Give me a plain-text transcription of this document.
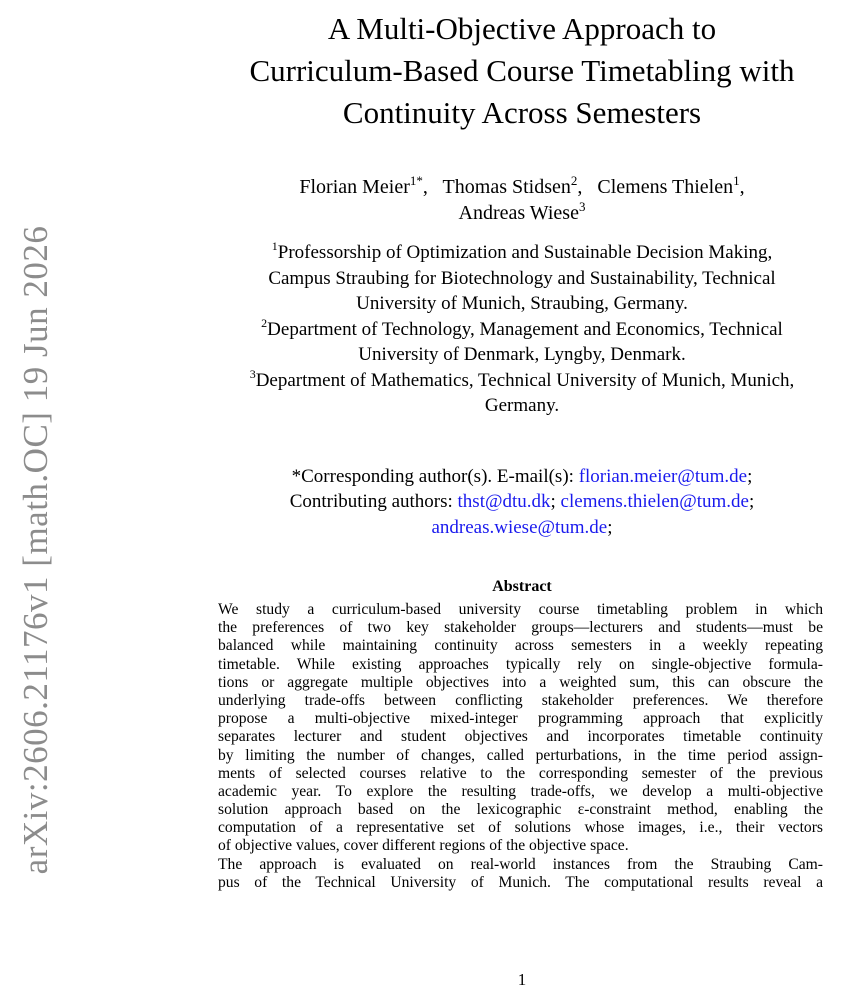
arXiv:2606.21176v1 [math.OC] 19 Jun 2026
A Multi-Objective Approach to
Curriculum-Based Course Timetabling with
Continuity Across Semesters
Florian Meier$^{1*}$,   Thomas Stidsen$^2$,   Clemens Thielen$^1$,
Andreas Wiese$^3$
$^1$Professorship of Optimization and Sustainable Decision Making,
Campus Straubing for Biotechnology and Sustainability, Technical
University of Munich, Straubing, Germany.
$^2$Department of Technology, Management and Economics, Technical
University of Denmark, Lyngby, Denmark.
$^3$Department of Mathematics, Technical University of Munich, Munich,
Germany.
*Corresponding author(s). E-mail(s): florian.meier@tum.de;
Contributing authors: thst@dtu.dk; clemens.thielen@tum.de;
andreas.wiese@tum.de;
Abstract
We study a curriculum-based university course timetabling problem in which
the preferences of two key stakeholder groups—lecturers and students—must be
balanced while maintaining continuity across semesters in a weekly repeating
timetable. While existing approaches typically rely on single-objective formula-
tions or aggregate multiple objectives into a weighted sum, this can obscure the
underlying trade-offs between conflicting stakeholder preferences. We therefore
propose a multi-objective mixed-integer programming approach that explicitly
separates lecturer and student objectives and incorporates timetable continuity
by limiting the number of changes, called perturbations, in the time period assign-
ments of selected courses relative to the corresponding semester of the previous
academic year. To explore the resulting trade-offs, we develop a multi-objective
solution approach based on the lexicographic ε-constraint method, enabling the
computation of a representative set of solutions whose images, i.e., their vectors
of objective values, cover different regions of the objective space.
The approach is evaluated on real-world instances from the Straubing Cam-
pus of the Technical University of Munich. The computational results reveal a
1
